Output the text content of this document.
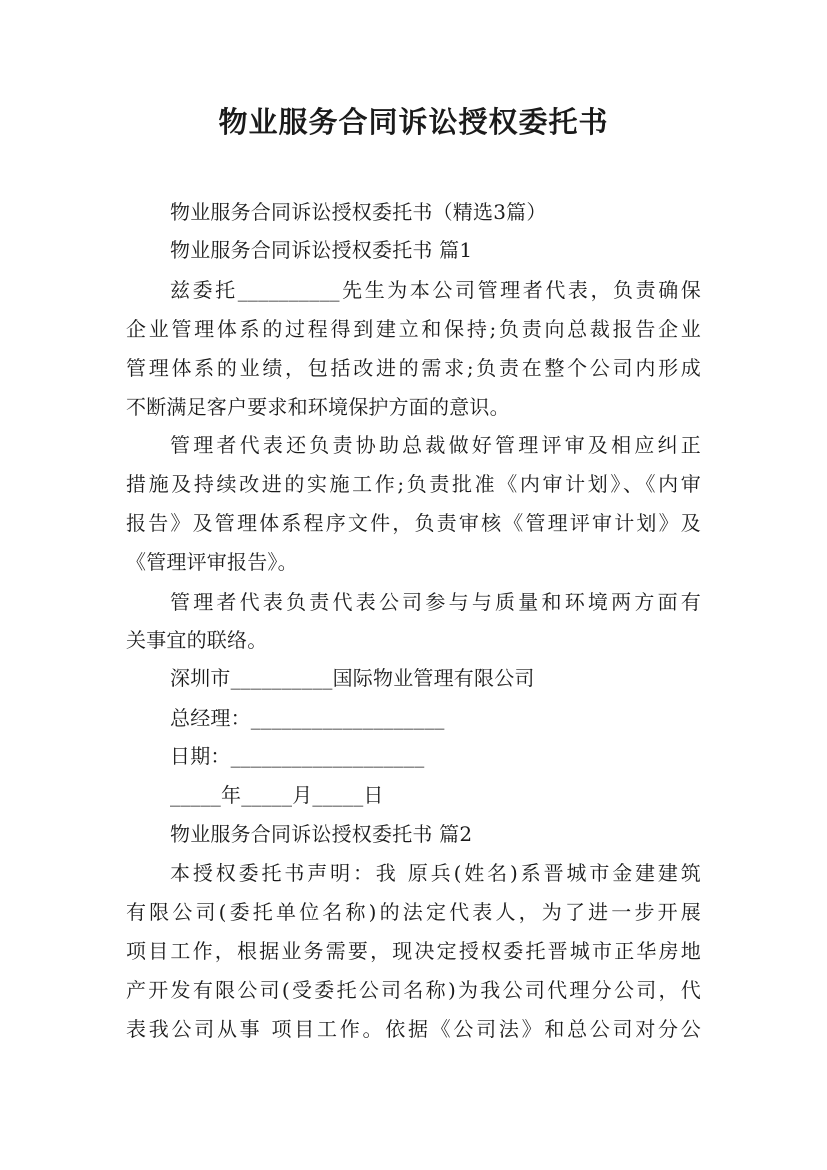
物业服务合同诉讼授权委托书
物业服务合同诉讼授权委托书（精选3篇）
物业服务合同诉讼授权委托书 篇1
兹委托__________先生为本公司管理者代表，负责确保
企业管理体系的过程得到建立和保持;负责向总裁报告企业
管理体系的业绩，包括改进的需求;负责在整个公司内形成
不断满足客户要求和环境保护方面的意识。
管理者代表还负责协助总裁做好管理评审及相应纠正
措施及持续改进的实施工作;负责批准《内审计划》、《内审
报告》及管理体系程序文件，负责审核《管理评审计划》及
《管理评审报告》。
管理者代表负责代表公司参与与质量和环境两方面有
关事宜的联络。
深圳市__________国际物业管理有限公司
总经理：___________________
日期：___________________
_____年_____月_____日
物业服务合同诉讼授权委托书 篇2
本授权委托书声明：我 原兵(姓名)系晋城市金建建筑
有限公司(委托单位名称)的法定代表人，为了进一步开展
项目工作，根据业务需要，现决定授权委托晋城市正华房地
产开发有限公司(受委托公司名称)为我公司代理分公司，代
表我公司从事 项目工作。依据《公司法》和总公司对分公
